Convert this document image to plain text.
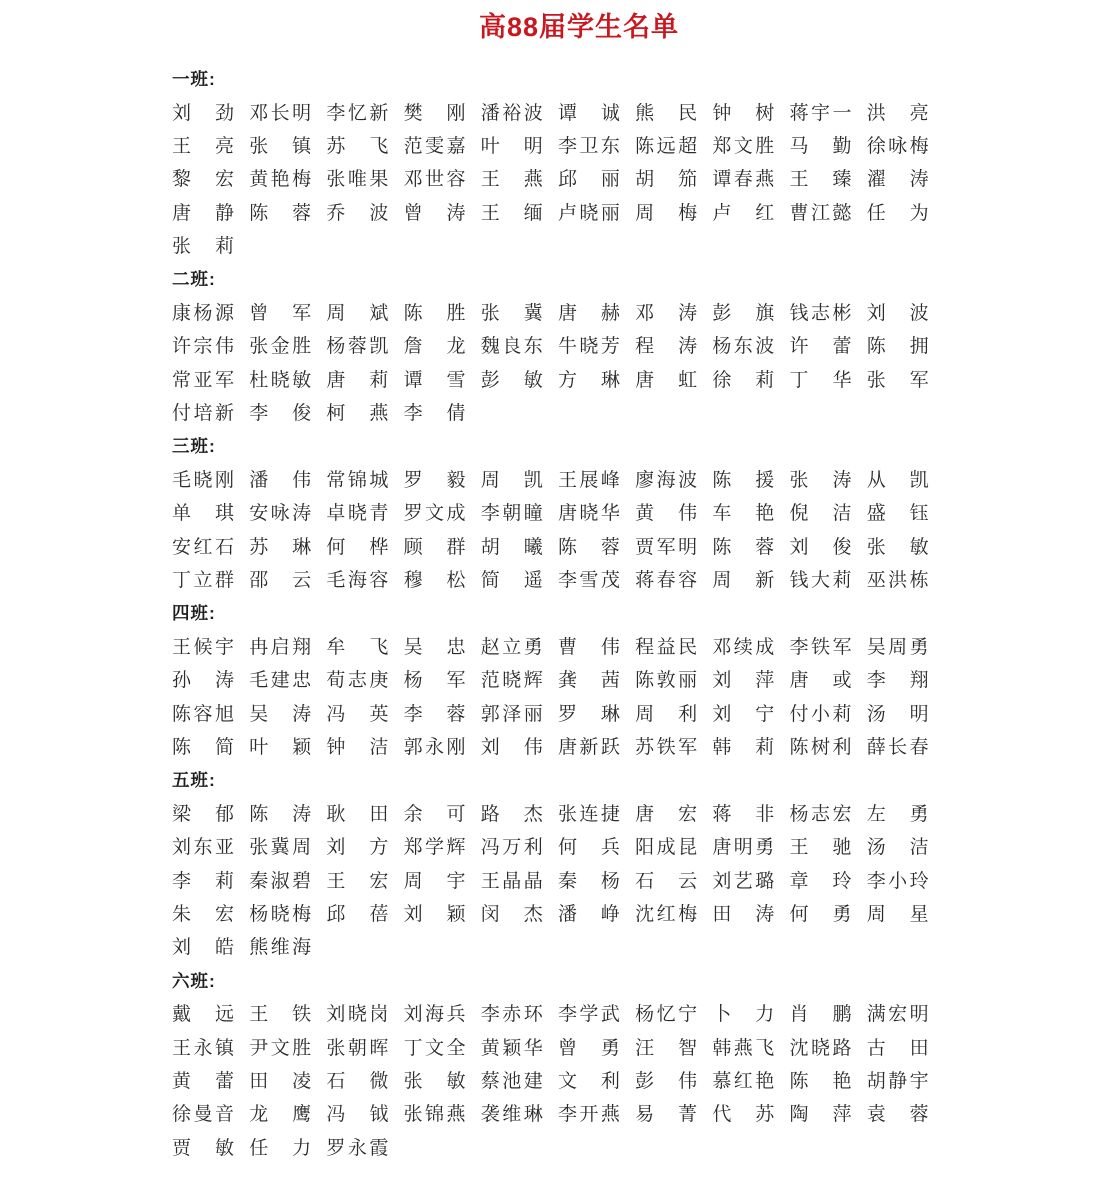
高88届学生名单
一班:
刘 劲 邓 长 明 李 忆 新 樊 刚 潘 裕 波 谭 诚 熊 民 钟 树 蒋 宇 一 洪 亮
王 亮 张 镇 苏 飞 范 雯 嘉 叶 明 李 卫 东 陈 远 超 郑 文 胜 马 勤 徐 咏 梅
黎 宏 黄 艳 梅 张 唯 果 邓 世 容 王 燕 邱 丽 胡 笳 谭 春 燕 王 臻 濯 涛
唐 静 陈 蓉 乔 波 曾 涛 王 缅 卢 晓 丽 周 梅 卢 红 曹 江 懿 任 为
张 莉
二班:
康 杨 源 曾 军 周 斌 陈 胜 张 冀 唐 赫 邓 涛 彭 旗 钱 志 彬 刘 波
许 宗 伟 张 金 胜 杨 蓉 凯 詹 龙 魏 良 东 牛 晓 芳 程 涛 杨 东 波 许 蕾 陈 拥
常 亚 军 杜 晓 敏 唐 莉 谭 雪 彭 敏 方 琳 唐 虹 徐 莉 丁 华 张 军
付 培 新 李 俊 柯 燕 李 倩
三班:
毛 晓 刚 潘 伟 常 锦 城 罗 毅 周 凯 王 展 峰 廖 海 波 陈 援 张 涛 从 凯
单 琪 安 咏 涛 卓 晓 青 罗 文 成 李 朝 瞳 唐 晓 华 黄 伟 车 艳 倪 洁 盛 钰
安 红 石 苏 琳 何 桦 顾 群 胡 曦 陈 蓉 贾 军 明 陈 蓉 刘 俊 张 敏
丁 立 群 邵 云 毛 海 容 穆 松 简 遥 李 雪 茂 蒋 春 容 周 新 钱 大 莉 巫 洪 栋
四班:
王 候 宇 冉 启 翔 牟 飞 吴 忠 赵 立 勇 曹 伟 程 益 民 邓 续 成 李 铁 军 吴 周 勇
孙 涛 毛 建 忠 荀 志 庚 杨 军 范 晓 辉 龚 茜 陈 敦 丽 刘 萍 唐 或 李 翔
陈 容 旭 吴 涛 冯 英 李 蓉 郭 泽 丽 罗 琳 周 利 刘 宁 付 小 莉 汤 明
陈 简 叶 颖 钟 洁 郭 永 刚 刘 伟 唐 新 跃 苏 铁 军 韩 莉 陈 树 利 薛 长 春
五班:
梁 郁 陈 涛 耿 田 余 可 路 杰 张 连 捷 唐 宏 蒋 非 杨 志 宏 左 勇
刘 东 亚 张 冀 周 刘 方 郑 学 辉 冯 万 利 何 兵 阳 成 昆 唐 明 勇 王 驰 汤 洁
李 莉 秦 淑 碧 王 宏 周 宇 王 晶 晶 秦 杨 石 云 刘 艺 璐 章 玲 李 小 玲
朱 宏 杨 晓 梅 邱 蓓 刘 颖 闵 杰 潘 峥 沈 红 梅 田 涛 何 勇 周 星
刘 皓 熊 维 海
六班:
戴 远 王 铁 刘 晓 岗 刘 海 兵 李 赤 环 李 学 武 杨 忆 宁 卜 力 肖 鹏 满 宏 明
王 永 镇 尹 文 胜 张 朝 晖 丁 文 全 黄 颖 华 曾 勇 汪 智 韩 燕 飞 沈 晓 路 古 田
黄 蕾 田 凌 石 微 张 敏 蔡 池 建 文 利 彭 伟 慕 红 艳 陈 艳 胡 静 宇
徐 曼 音 龙 鹰 冯 钺 张 锦 燕 袭 维 琳 李 开 燕 易 菁 代 苏 陶 萍 袁 蓉
贾 敏 任 力 罗 永 霞
